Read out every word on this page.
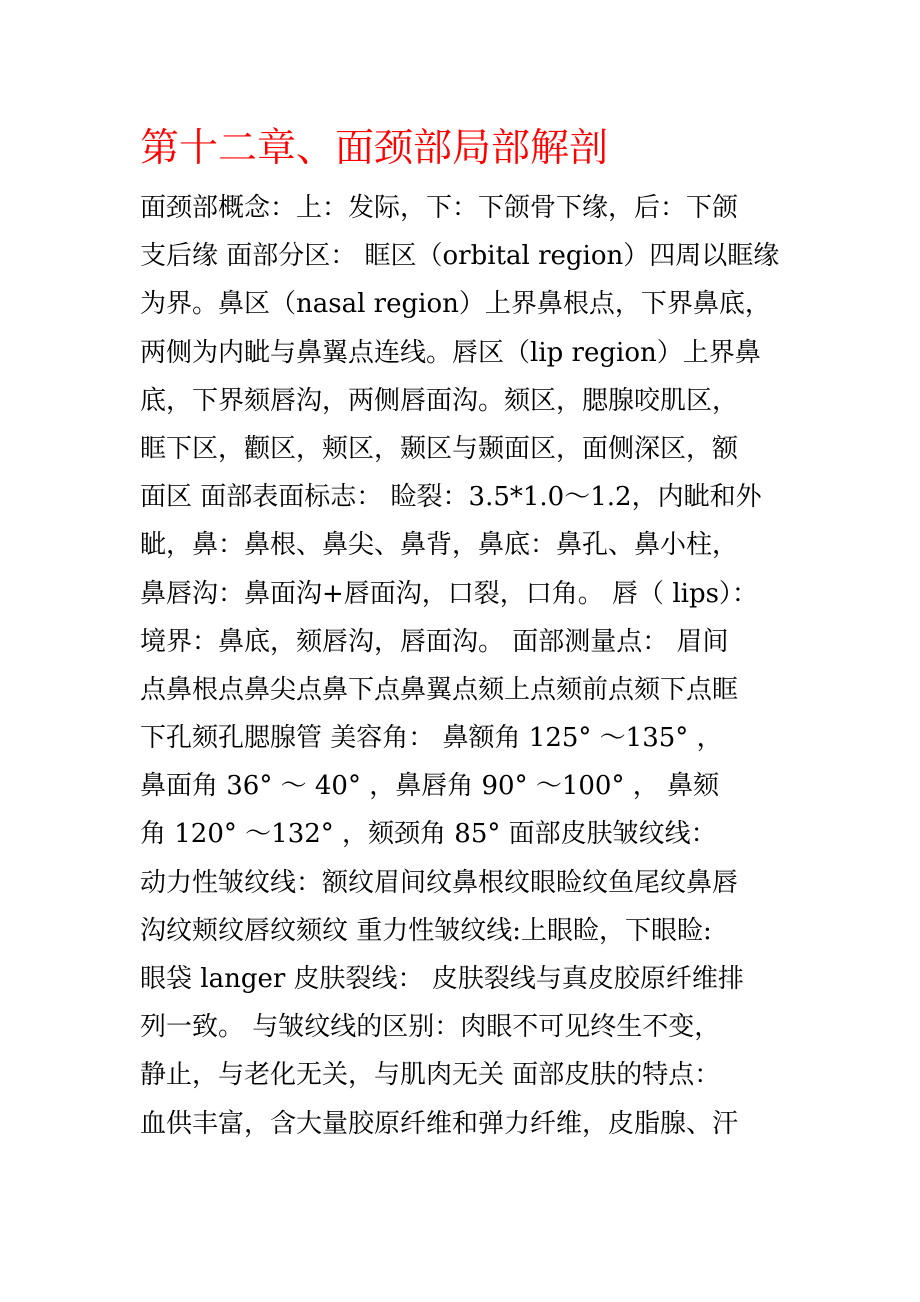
第十二章、面颈部局部解剖
面颈部概念：上：发际，下：下颌骨下缘，后：下颌
支后缘 面部分区： 眶区（orbital region）四周以眶缘
为界。鼻区（nasal region）上界鼻根点，下界鼻底，
两侧为内眦与鼻翼点连线。唇区（lip region）上界鼻
底，下界颏唇沟，两侧唇面沟。颏区，腮腺咬肌区，
眶下区，颧区，颊区，颞区与颞面区，面侧深区，额
面区 面部表面标志： 睑裂：3.5*1.0～1.2，内眦和外
眦，鼻：鼻根、鼻尖、鼻背，鼻底：鼻孔、鼻小柱，
鼻唇沟：鼻面沟+唇面沟，口裂，口角。 唇（ lips）：
境界：鼻底，颏唇沟，唇面沟。 面部测量点： 眉间
点鼻根点鼻尖点鼻下点鼻翼点颏上点颏前点颏下点眶
下孔颏孔腮腺管 美容角： 鼻额角 125° ～135° ，
鼻面角 36° ～ 40° ，鼻唇角 90° ～100° ， 鼻颏
角 120° ～132° ，颏颈角 85° 面部皮肤皱纹线：
动力性皱纹线：额纹眉间纹鼻根纹眼睑纹鱼尾纹鼻唇
沟纹颊纹唇纹颏纹 重力性皱纹线:上眼睑，下眼睑:
眼袋 langer 皮肤裂线： 皮肤裂线与真皮胶原纤维排
列一致。 与皱纹线的区别：肉眼不可见终生不变，
静止，与老化无关，与肌肉无关 面部皮肤的特点：
血供丰富，含大量胶原纤维和弹力纤维，皮脂腺、汗
